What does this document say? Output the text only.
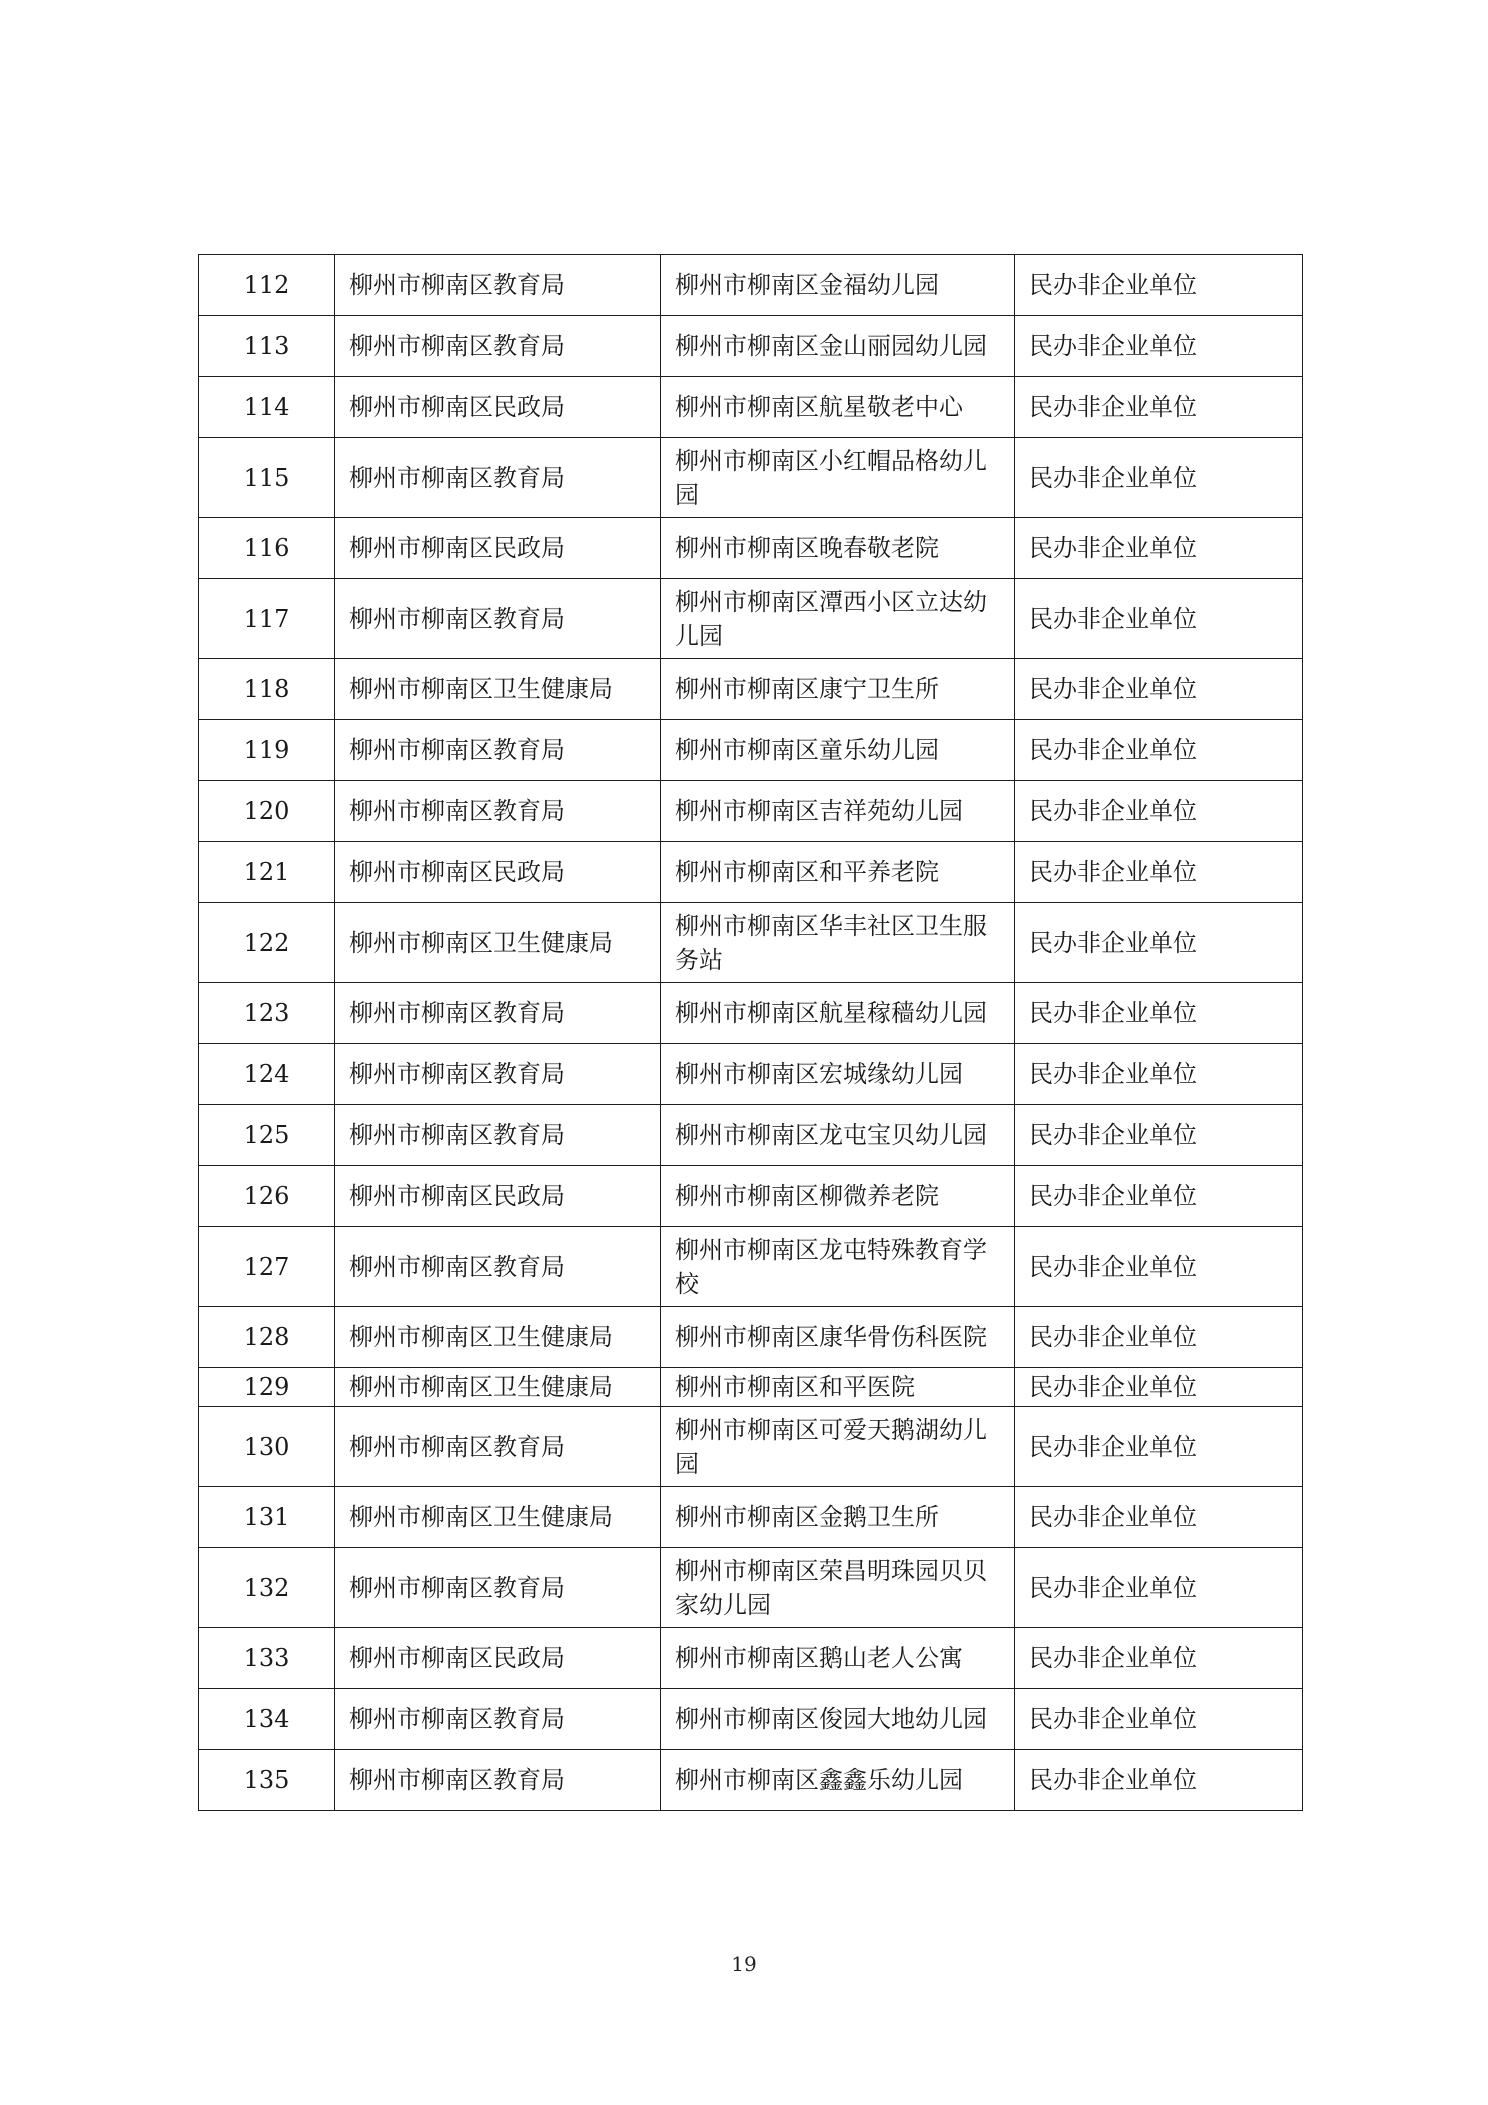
112	柳州市柳南区教育局	柳州市柳南区金福幼儿园	民办非企业单位
113	柳州市柳南区教育局	柳州市柳南区金山丽园幼儿园	民办非企业单位
114	柳州市柳南区民政局	柳州市柳南区航星敬老中心	民办非企业单位
115	柳州市柳南区教育局	柳州市柳南区小红帽品格幼儿园	民办非企业单位
116	柳州市柳南区民政局	柳州市柳南区晚春敬老院	民办非企业单位
117	柳州市柳南区教育局	柳州市柳南区潭西小区立达幼儿园	民办非企业单位
118	柳州市柳南区卫生健康局	柳州市柳南区康宁卫生所	民办非企业单位
119	柳州市柳南区教育局	柳州市柳南区童乐幼儿园	民办非企业单位
120	柳州市柳南区教育局	柳州市柳南区吉祥苑幼儿园	民办非企业单位
121	柳州市柳南区民政局	柳州市柳南区和平养老院	民办非企业单位
122	柳州市柳南区卫生健康局	柳州市柳南区华丰社区卫生服务站	民办非企业单位
123	柳州市柳南区教育局	柳州市柳南区航星稼穑幼儿园	民办非企业单位
124	柳州市柳南区教育局	柳州市柳南区宏城缘幼儿园	民办非企业单位
125	柳州市柳南区教育局	柳州市柳南区龙屯宝贝幼儿园	民办非企业单位
126	柳州市柳南区民政局	柳州市柳南区柳微养老院	民办非企业单位
127	柳州市柳南区教育局	柳州市柳南区龙屯特殊教育学校	民办非企业单位
128	柳州市柳南区卫生健康局	柳州市柳南区康华骨伤科医院	民办非企业单位
129	柳州市柳南区卫生健康局	柳州市柳南区和平医院	民办非企业单位
130	柳州市柳南区教育局	柳州市柳南区可爱天鹅湖幼儿园	民办非企业单位
131	柳州市柳南区卫生健康局	柳州市柳南区金鹅卫生所	民办非企业单位
132	柳州市柳南区教育局	柳州市柳南区荣昌明珠园贝贝家幼儿园	民办非企业单位
133	柳州市柳南区民政局	柳州市柳南区鹅山老人公寓	民办非企业单位
134	柳州市柳南区教育局	柳州市柳南区俊园大地幼儿园	民办非企业单位
135	柳州市柳南区教育局	柳州市柳南区鑫鑫乐幼儿园	民办非企业单位
19
